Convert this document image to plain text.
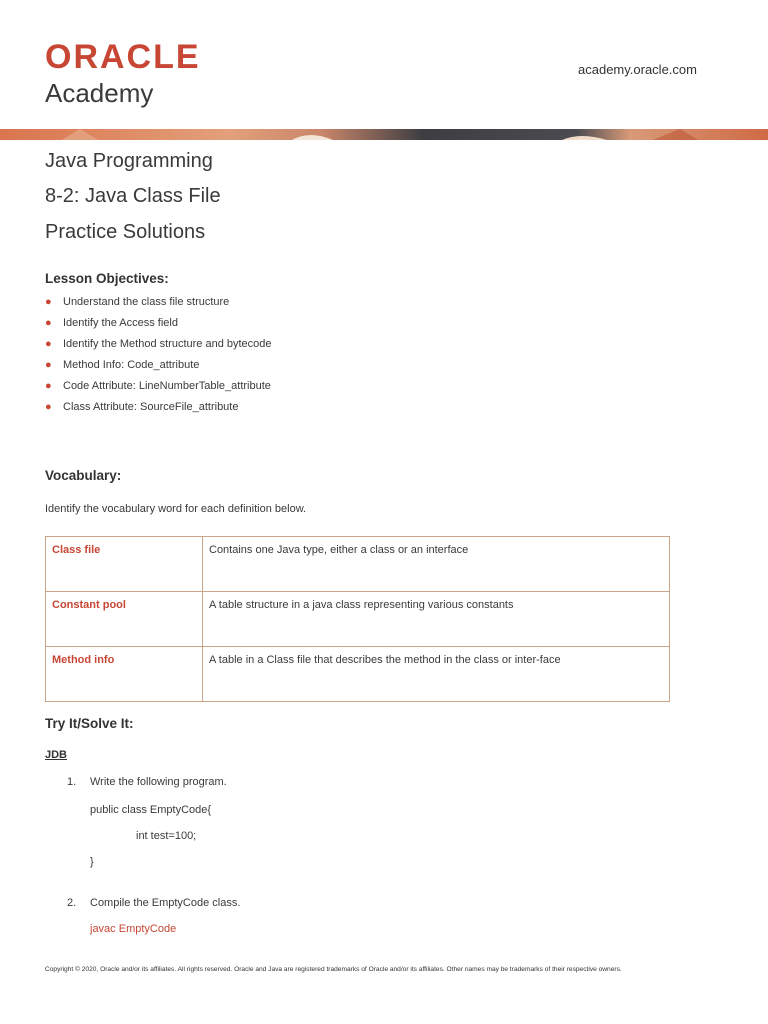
ORACLE
Academy
academy.oracle.com
Java Programming
8-2: Java Class File
Practice Solutions
Lesson Objectives:
● Understand the class file structure
● Identify the Access field
● Identify the Method structure and bytecode
● Method Info: Code_attribute
● Code Attribute: LineNumberTable_attribute
● Class Attribute: SourceFile_attribute
Vocabulary:
Identify the vocabulary word for each definition below.
Class file	Contains one Java type, either a class or an interface
Constant pool	A table structure in a java class representing various constants
Method info	A table in a Class file that describes the method in the class or inter-face
Try It/Solve It:
JDB
1. Write the following program.
public class EmptyCode{
int test=100;
}
2. Compile the EmptyCode class.
javac EmptyCode
Copyright © 2020, Oracle and/or its affiliates. All rights reserved. Oracle and Java are registered trademarks of Oracle and/or its affiliates. Other names may be trademarks of their respective owners.
